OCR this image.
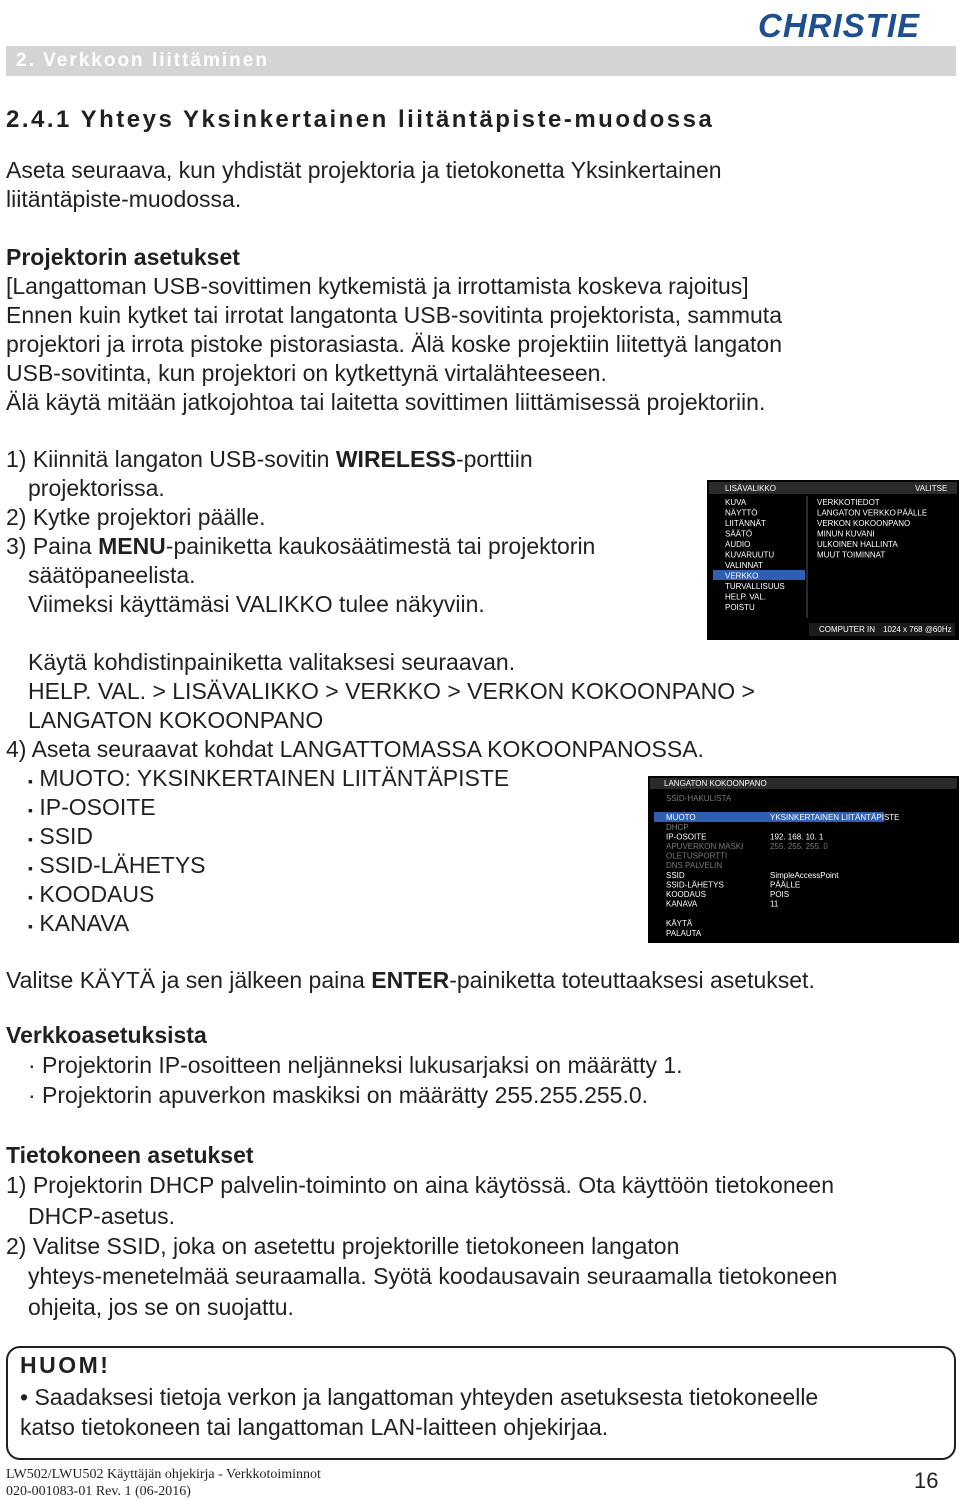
CHRISTIE
2. Verkkoon liittäminen
2.4.1 Yhteys Yksinkertainen liitäntäpiste-muodossa
Aseta seuraava, kun yhdistät projektoria ja tietokonetta Yksinkertainen
liitäntäpiste-muodossa.
Projektorin asetukset
[Langattoman USB-sovittimen kytkemistä ja irrottamista koskeva rajoitus]
Ennen kuin kytket tai irrotat langatonta USB-sovitinta projektorista, sammuta
projektori ja irrota pistoke pistorasiasta. Älä koske projektiin liitettyä langaton
USB-sovitinta, kun projektori on kytkettynä virtalähteeseen.
Älä käytä mitään jatkojohtoa tai laitetta sovittimen liittämisessä projektoriin.
1) Kiinnitä langaton USB-sovitin WIRELESS-porttiin
projektorissa.
2) Kytke projektori päälle.
3) Paina MENU-painiketta kaukosäätimestä tai projektorin
säätöpaneelista.
Viimeksi käyttämäsi VALIKKO tulee näkyviin.
Käytä kohdistinpainiketta valitaksesi seuraavan.
HELP. VAL. > LISÄVALIKKO > VERKKO > VERKON KOKOONPANO >
LANGATON KOKOONPANO
4) Aseta seuraavat kohdat LANGATTOMASSA KOKOONPANOSSA.
▪ MUOTO: YKSINKERTAINEN LIITÄNTÄPISTE
▪ IP-OSOITE
▪ SSID
▪ SSID-LÄHETYS
▪ KOODAUS
▪ KANAVA
Valitse KÄYTÄ ja sen jälkeen paina ENTER-painiketta toteuttaaksesi asetukset.
LISÄVALIKKO	VALITSE
KUVA
NÄYTTÖ
LIITÄNNÄT
SÄÄTÖ
AUDIO
KUVARUUTU
VALINNAT
VERKKO
TURVALLISUUS
HELP. VAL.
POISTU
VERKKOTIEDOT
LANGATON VERKKO PÄÄLLE
VERKON KOKOONPANO
MINUN KUVANI
ULKOINEN HALLINTA
MUUT TOIMINNAT
COMPUTER IN 1024 x 768 @60Hz
LANGATON KOKOONPANO
SSID-HAKULISTA
MUOTO	YKSINKERTAINEN LIITÄNTÄPISTE
DHCP
IP-OSOITE	192. 168. 10. 1
APUVERKON MASKI	255. 255. 255. 0
OLETUSPORTTI
DNS PALVELIN
SSID	SimpleAccessPoint
SSID-LÄHETYS	PÄÄLLE
KOODAUS	POIS
KANAVA	11
KÄYTÄ
PALAUTA
Verkkoasetuksista
· Projektorin IP-osoitteen neljänneksi lukusarjaksi on määrätty 1.
· Projektorin apuverkon maskiksi on määrätty 255.255.255.0.
Tietokoneen asetukset
1) Projektorin DHCP palvelin-toiminto on aina käytössä. Ota käyttöön tietokoneen
DHCP-asetus.
2) Valitse SSID, joka on asetettu projektorille tietokoneen langaton
yhteys-menetelmää seuraamalla. Syötä koodausavain seuraamalla tietokoneen
ohjeita, jos se on suojattu.
HUOM!
• Saadaksesi tietoja verkon ja langattoman yhteyden asetuksesta tietokoneelle
katso tietokoneen tai langattoman LAN-laitteen ohjekirjaa.
LW502/LWU502 Käyttäjän ohjekirja - Verkkotoiminnot
020-001083-01 Rev. 1 (06-2016)	16
